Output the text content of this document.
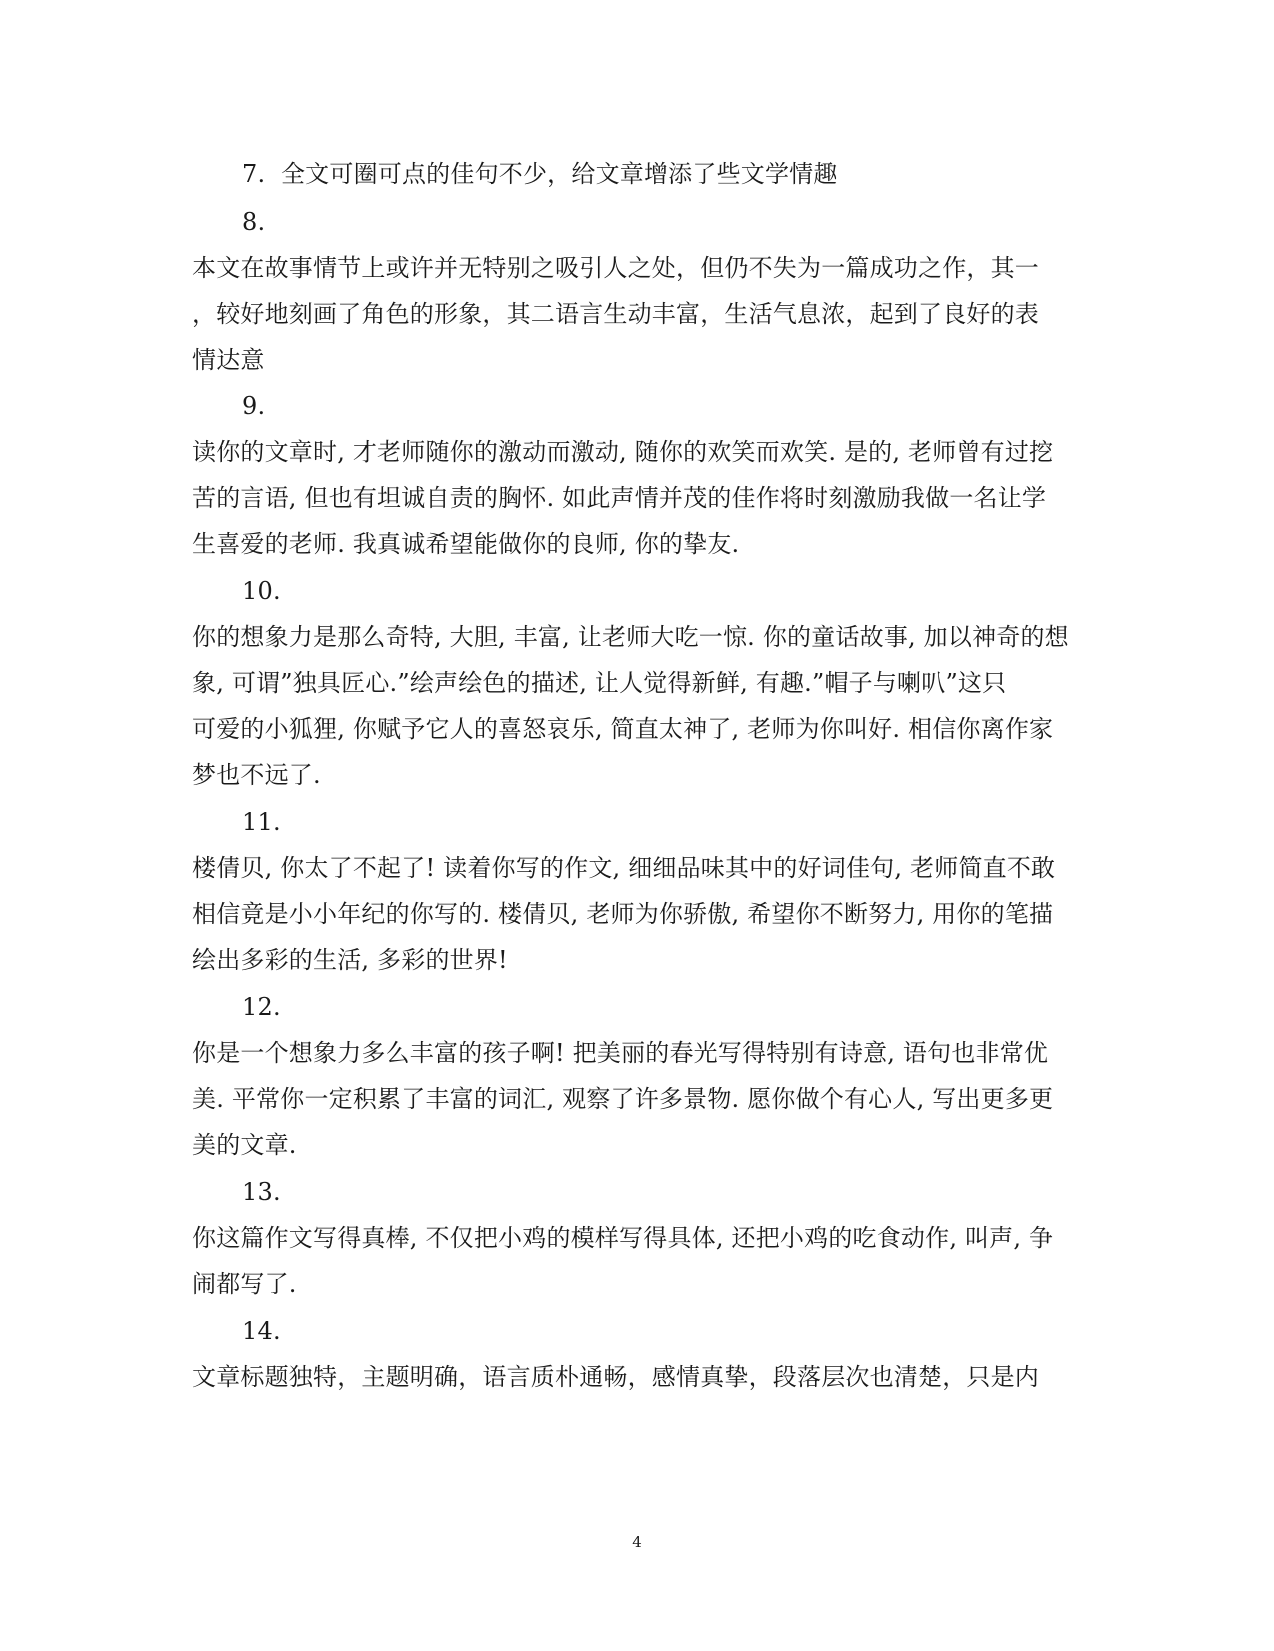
7. 全文可圈可点的佳句不少，给文章增添了些文学情趣
8.
本文在故事情节上或许并无特别之吸引人之处，但仍不失为一篇成功之作，其一
，较好地刻画了角色的形象，其二语言生动丰富，生活气息浓，起到了良好的表
情达意
9.
读你的文章时, 才老师随你的激动而激动, 随你的欢笑而欢笑. 是的, 老师曾有过挖
苦的言语, 但也有坦诚自责的胸怀. 如此声情并茂的佳作将时刻激励我做一名让学
生喜爱的老师. 我真诚希望能做你的良师, 你的挚友.
10.
你的想象力是那么奇特, 大胆, 丰富, 让老师大吃一惊. 你的童话故事, 加以神奇的想
象, 可谓”独具匠心.”绘声绘色的描述, 让人觉得新鲜, 有趣.”帽子与喇叭”这只
可爱的小狐狸, 你赋予它人的喜怒哀乐, 简直太神了, 老师为你叫好. 相信你离作家
梦也不远了.
11.
楼倩贝, 你太了不起了! 读着你写的作文, 细细品味其中的好词佳句, 老师简直不敢
相信竟是小小年纪的你写的. 楼倩贝, 老师为你骄傲, 希望你不断努力, 用你的笔描
绘出多彩的生活, 多彩的世界!
12.
你是一个想象力多么丰富的孩子啊! 把美丽的春光写得特别有诗意, 语句也非常优
美. 平常你一定积累了丰富的词汇, 观察了许多景物. 愿你做个有心人, 写出更多更
美的文章.
13.
你这篇作文写得真棒, 不仅把小鸡的模样写得具体, 还把小鸡的吃食动作, 叫声, 争
闹都写了.
14.
文章标题独特，主题明确，语言质朴通畅，感情真挚，段落层次也清楚，只是内
4
